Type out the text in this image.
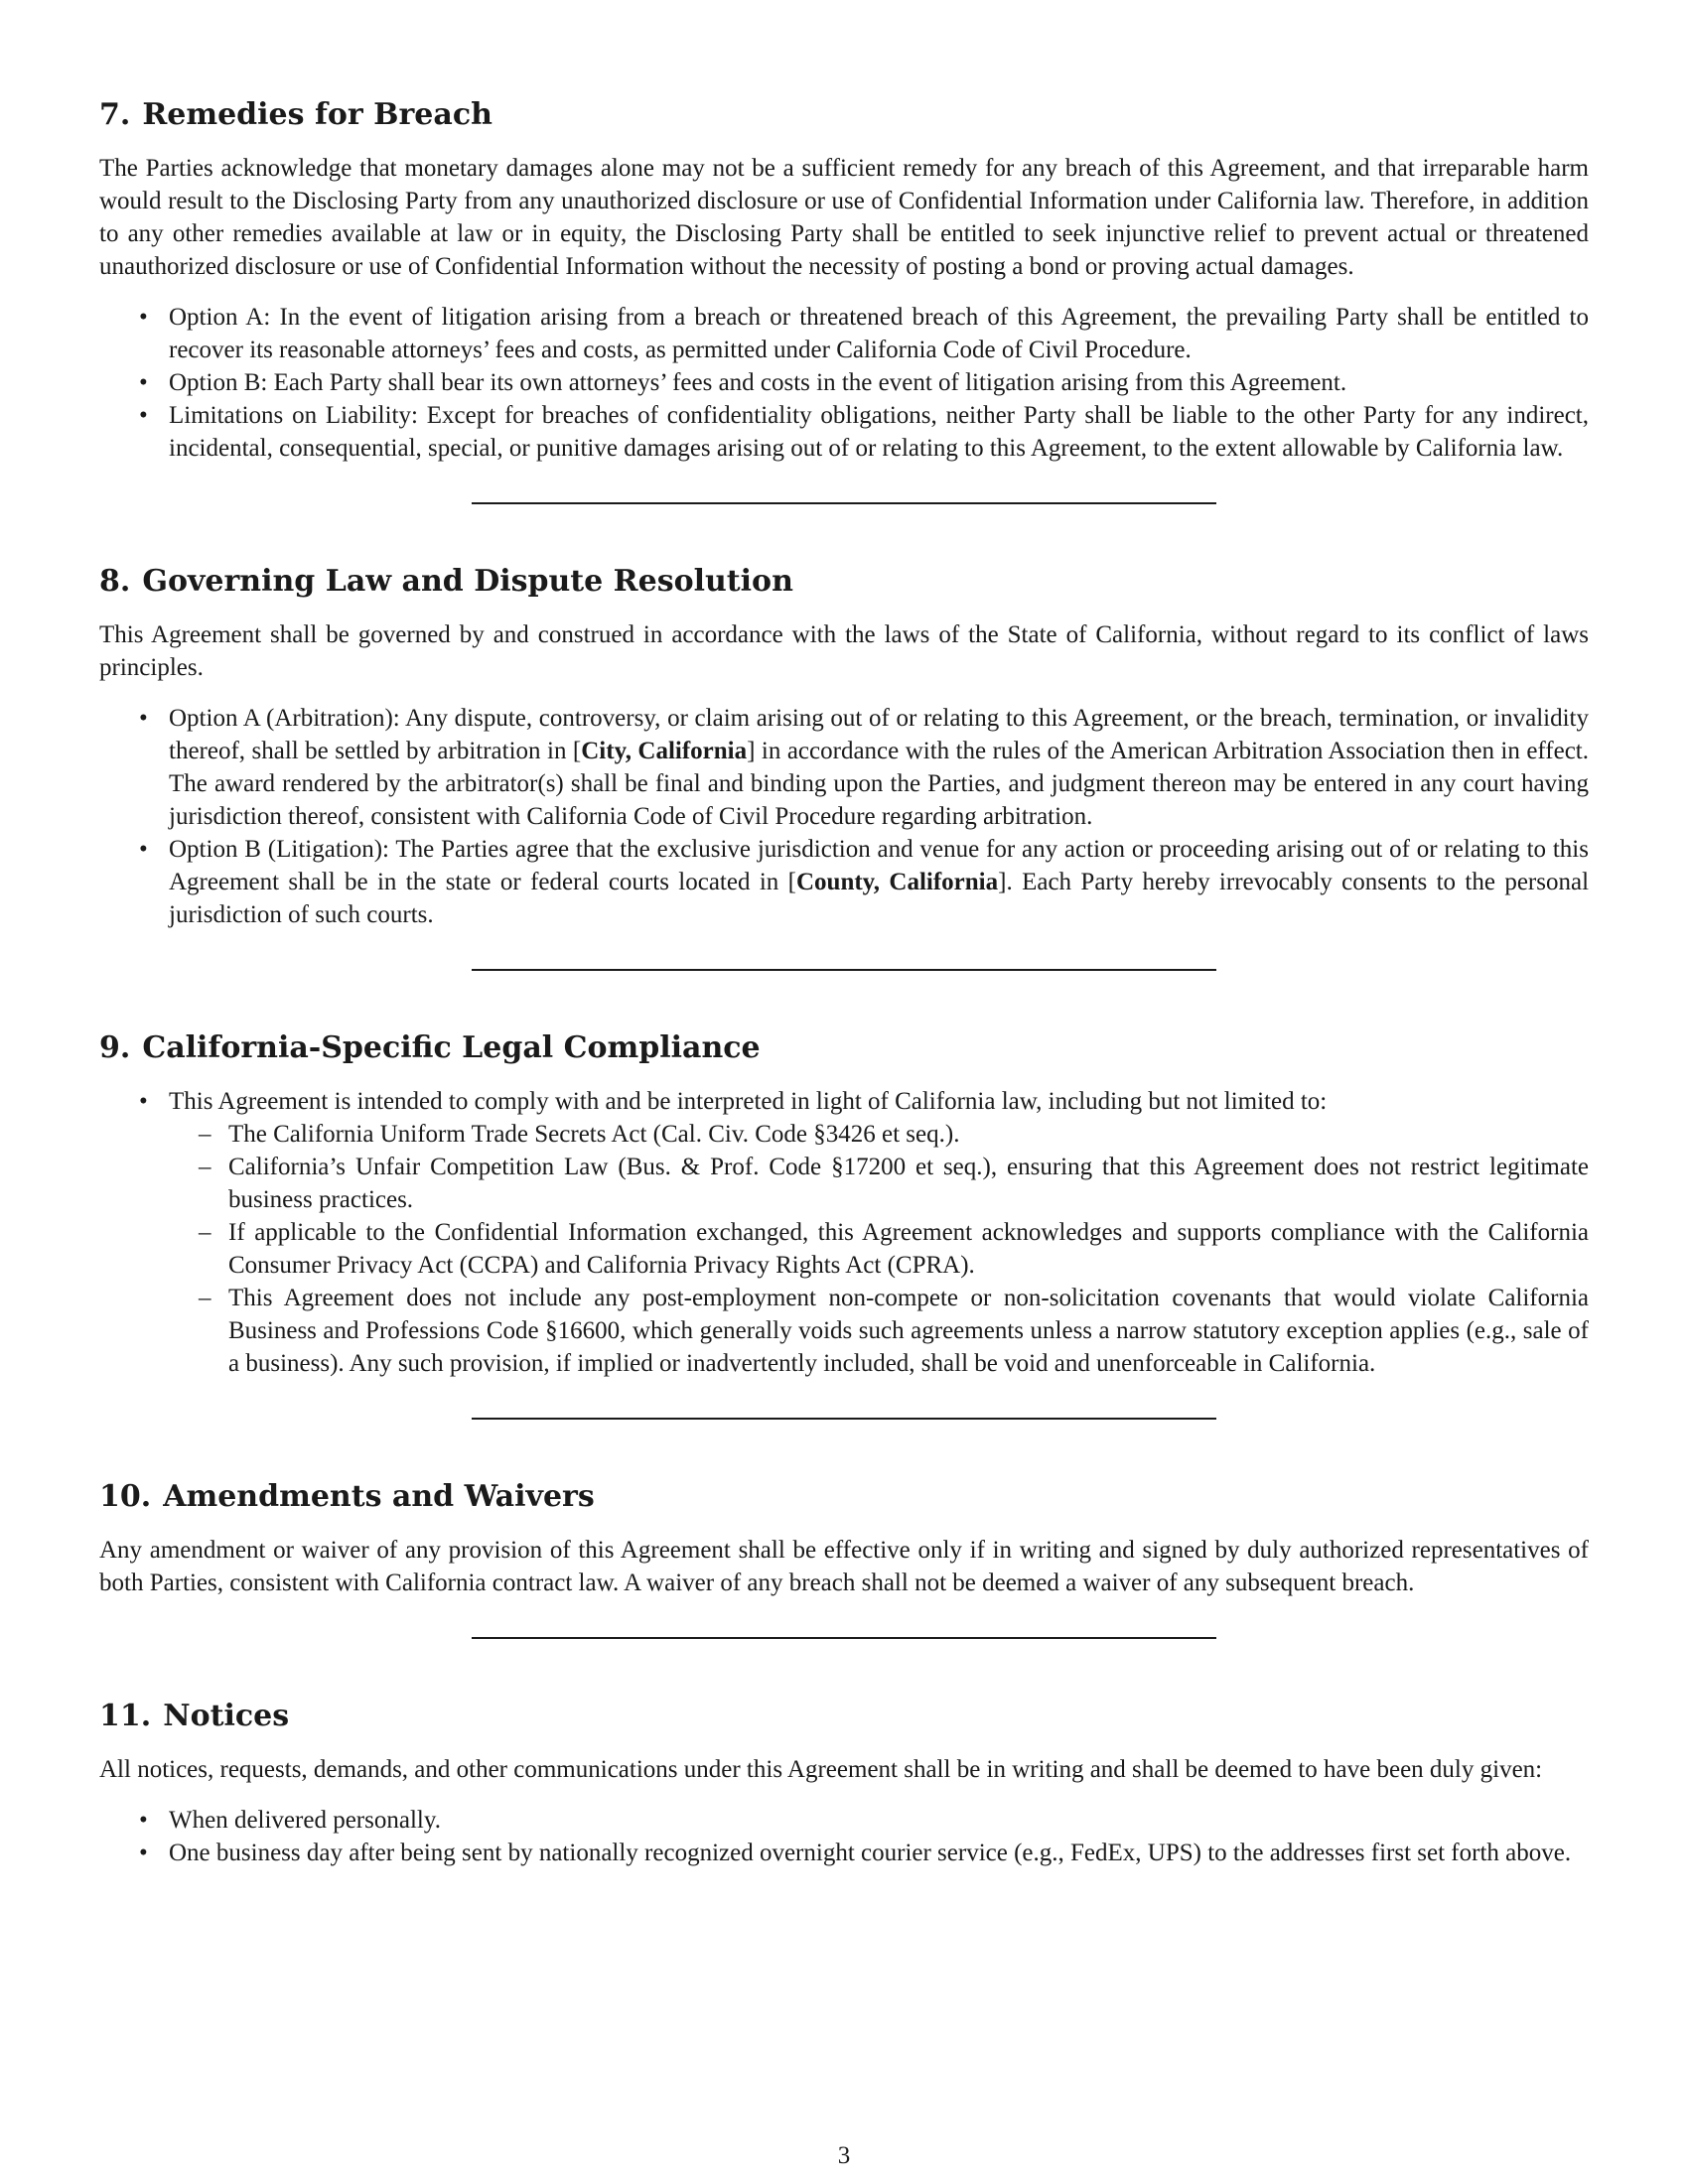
7. Remedies for Breach

The Parties acknowledge that monetary damages alone may not be a sufficient remedy for any breach of this Agreement, and that irreparable harm would result to the Disclosing Party from any unauthorized disclosure or use of Confidential Information under California law. Therefore, in addition to any other remedies available at law or in equity, the Disclosing Party shall be entitled to seek injunctive relief to prevent actual or threatened unauthorized disclosure or use of Confidential Information without the necessity of posting a bond or proving actual damages.

• Option A: In the event of litigation arising from a breach or threatened breach of this Agreement, the prevailing Party shall be entitled to recover its reasonable attorneys’ fees and costs, as permitted under California Code of Civil Procedure.
• Option B: Each Party shall bear its own attorneys’ fees and costs in the event of litigation arising from this Agreement.
• Limitations on Liability: Except for breaches of confidentiality obligations, neither Party shall be liable to the other Party for any indirect, incidental, consequential, special, or punitive damages arising out of or relating to this Agreement, to the extent allowable by California law.
8. Governing Law and Dispute Resolution

This Agreement shall be governed by and construed in accordance with the laws of the State of California, without regard to its conflict of laws principles.

• Option A (Arbitration): Any dispute, controversy, or claim arising out of or relating to this Agreement, or the breach, termination, or invalidity thereof, shall be settled by arbitration in [City, California] in accordance with the rules of the American Arbitration Association then in effect. The award rendered by the arbitrator(s) shall be final and binding upon the Parties, and judgment thereon may be entered in any court having jurisdiction thereof, consistent with California Code of Civil Procedure regarding arbitration.
• Option B (Litigation): The Parties agree that the exclusive jurisdiction and venue for any action or proceeding arising out of or relating to this Agreement shall be in the state or federal courts located in [County, California]. Each Party hereby irrevocably consents to the personal jurisdiction of such courts.
9. California-Specific Legal Compliance
• This Agreement is intended to comply with and be interpreted in light of California law, including but not limited to:
– The California Uniform Trade Secrets Act (Cal. Civ. Code §3426 et seq.).
– California’s Unfair Competition Law (Bus. & Prof. Code §17200 et seq.), ensuring that this Agreement does not restrict legitimate business practices.
– If applicable to the Confidential Information exchanged, this Agreement acknowledges and supports compliance with the California Consumer Privacy Act (CCPA) and California Privacy Rights Act (CPRA).
– This Agreement does not include any post-employment non-compete or non-solicitation covenants that would violate California Business and Professions Code §16600, which generally voids such agreements unless a narrow statutory exception applies (e.g., sale of a business). Any such provision, if implied or inadvertently included, shall be void and unenforceable in California.
10. Amendments and Waivers

Any amendment or waiver of any provision of this Agreement shall be effective only if in writing and signed by duly authorized representatives of both Parties, consistent with California contract law. A waiver of any breach shall not be deemed a waiver of any subsequent breach.

11. Notices

All notices, requests, demands, and other communications under this Agreement shall be in writing and shall be deemed to have been duly given:

• When delivered personally.
• One business day after being sent by nationally recognized overnight courier service (e.g., FedEx, UPS) to the addresses first set forth above.
3
